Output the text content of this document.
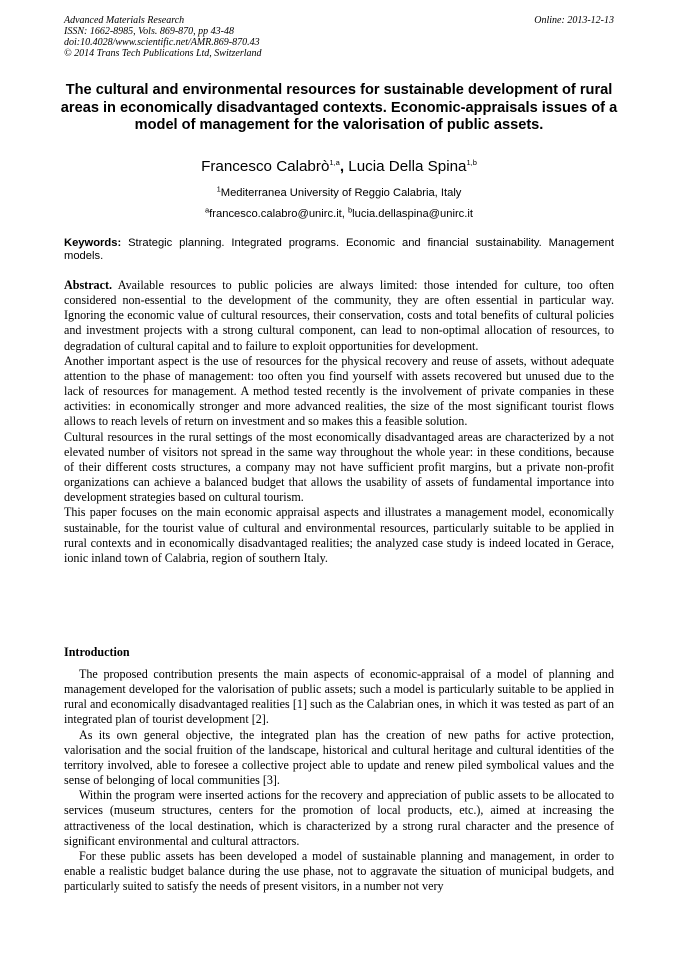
Advanced Materials Research
ISSN: 1662-8985, Vols. 869-870, pp 43-48
doi:10.4028/www.scientific.net/AMR.869-870.43
© 2014 Trans Tech Publications Ltd, Switzerland
Online: 2013-12-13
The cultural and environmental resources for sustainable development of rural areas in economically disadvantaged contexts. Economic-appraisals issues of a model of management for the valorisation of public assets.
Francesco Calabrò$^{1,a}$, Lucia Della Spina$^{1,b}$
$^1$Mediterranea University of Reggio Calabria, Italy
$^a$francesco.calabro@unirc.it, $^b$lucia.dellaspina@unirc.it
Keywords: Strategic planning. Integrated programs. Economic and financial sustainability. Management models.

Abstract. Available resources to public policies are always limited: those intended for culture, too often considered non-essential to the development of the community, they are often essential in particular way. Ignoring the economic value of cultural resources, their conservation, costs and total benefits of cultural policies and investment projects with a strong cultural component, can lead to non-optimal allocation of resources, to degradation of cultural capital and to failure to exploit opportunities for development.

Another important aspect is the use of resources for the physical recovery and reuse of assets, without adequate attention to the phase of management: too often you find yourself with assets recovered but unused due to the lack of resources for management. A method tested recently is the involvement of private companies in these activities: in economically stronger and more advanced realities, the size of the most significant tourist flows allows to reach levels of return on investment and so makes this a feasible solution.

Cultural resources in the rural settings of the most economically disadvantaged areas are characterized by a not elevated number of visitors not spread in the same way throughout the whole year: in these conditions, because of their different costs structures, a company may not have sufficient profit margins, but a private non-profit organizations can achieve a balanced budget that allows the usability of assets of fundamental importance into development strategies based on cultural tourism.

This paper focuses on the main economic appraisal aspects and illustrates a management model, economically sustainable, for the tourist value of cultural and environmental resources, particularly suitable to be applied in rural contexts and in economically disadvantaged realities; the analyzed case study is indeed located in Gerace, ionic inland town of Calabria, region of southern Italy.

Introduction

The proposed contribution presents the main aspects of economic-appraisal of a model of planning and management developed for the valorisation of public assets; such a model is particularly suitable to be applied in rural and economically disadvantaged realities [1] such as the Calabrian ones, in which it was tested as part of an integrated plan of tourist development [2].

As its own general objective, the integrated plan has the creation of new paths for active protection, valorisation and the social fruition of the landscape, historical and cultural heritage and cultural identities of the territory involved, able to foresee a collective project able to update and renew piled symbolical values and the sense of belonging of local communities [3].

Within the program were inserted actions for the recovery and appreciation of public assets to be allocated to services (museum structures, centers for the promotion of local products, etc.), aimed at increasing the attractiveness of the local destination, which is characterized by a strong rural character and the presence of significant environmental and cultural attractors.

For these public assets has been developed a model of sustainable planning and management, in order to enable a realistic budget balance during the use phase, not to aggravate the situation of municipal budgets, and particularly suited to satisfy the needs of present visitors, in a number not very
